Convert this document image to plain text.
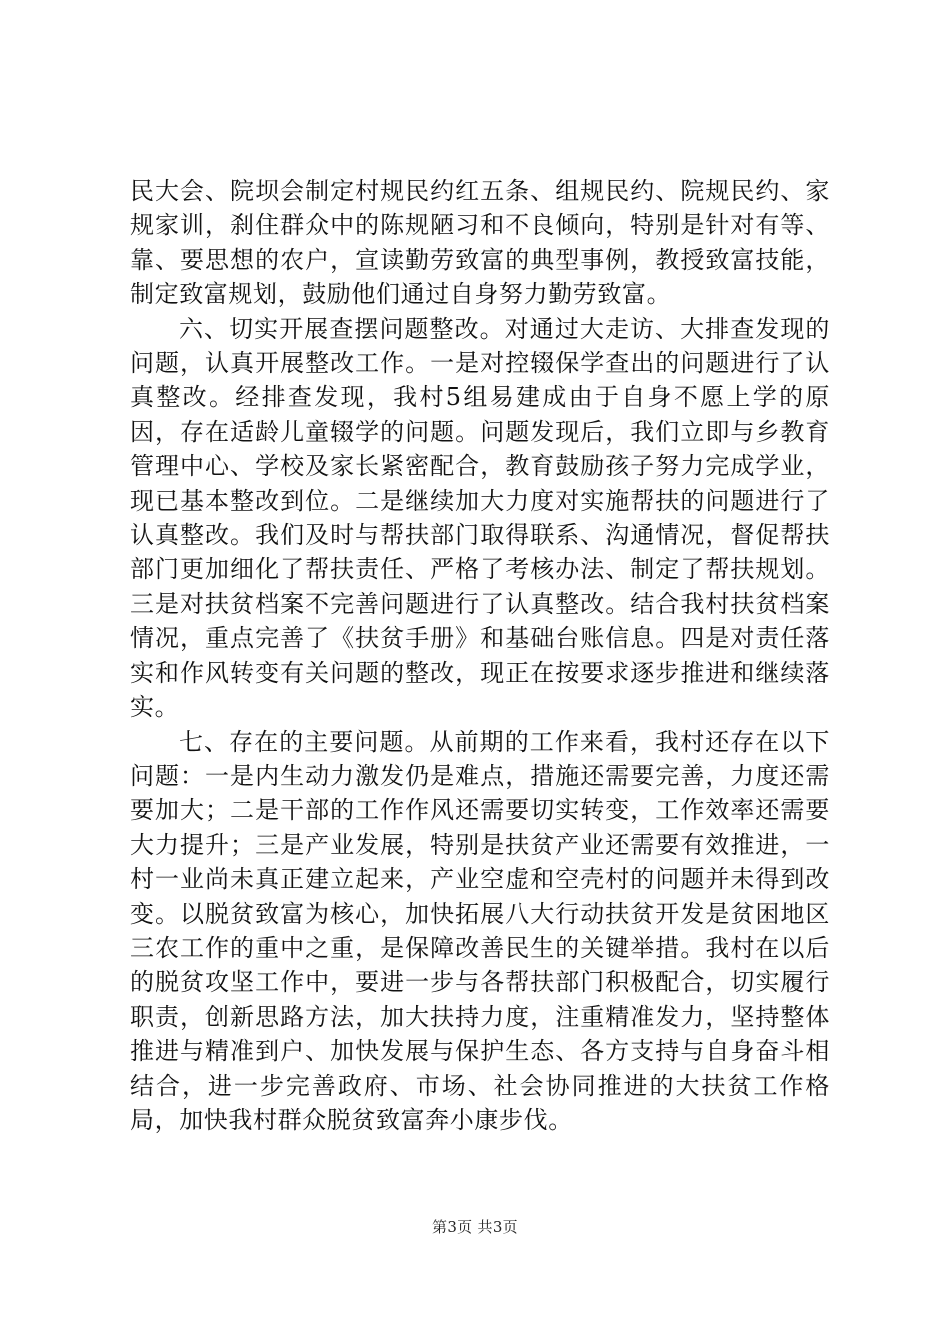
民大会、院坝会制定村规民约红五条、组规民约、院规民约、家规家训，刹住群众中的陈规陋习和不良倾向，特别是针对有等、靠、要思想的农户，宣读勤劳致富的典型事例，教授致富技能，制定致富规划，鼓励他们通过自身努力勤劳致富。

六、切实开展查摆问题整改。对通过大走访、大排查发现的问题，认真开展整改工作。一是对控辍保学查出的问题进行了认真整改。经排查发现，我村5组易建成由于自身不愿上学的原因，存在适龄儿童辍学的问题。问题发现后，我们立即与乡教育管理中心、学校及家长紧密配合，教育鼓励孩子努力完成学业，现已基本整改到位。二是继续加大力度对实施帮扶的问题进行了认真整改。我们及时与帮扶部门取得联系、沟通情况，督促帮扶部门更加细化了帮扶责任、严格了考核办法、制定了帮扶规划。三是对扶贫档案不完善问题进行了认真整改。结合我村扶贫档案情况，重点完善了《扶贫手册》和基础台账信息。四是对责任落实和作风转变有关问题的整改，现正在按要求逐步推进和继续落实。

七、存在的主要问题。从前期的工作来看，我村还存在以下问题：一是内生动力激发仍是难点，措施还需要完善，力度还需要加大；二是干部的工作作风还需要切实转变，工作效率还需要大力提升；三是产业发展，特别是扶贫产业还需要有效推进，一村一业尚未真正建立起来，产业空虚和空壳村的问题并未得到改变。以脱贫致富为核心，加快拓展八大行动扶贫开发是贫困地区三农工作的重中之重，是保障改善民生的关键举措。我村在以后的脱贫攻坚工作中，要进一步与各帮扶部门积极配合，切实履行职责，创新思路方法，加大扶持力度，注重精准发力，坚持整体推进与精准到户、加快发展与保护生态、各方支持与自身奋斗相结合，进一步完善政府、市场、社会协同推进的大扶贫工作格局，加快我村群众脱贫致富奔小康步伐。

第3页 共3页
